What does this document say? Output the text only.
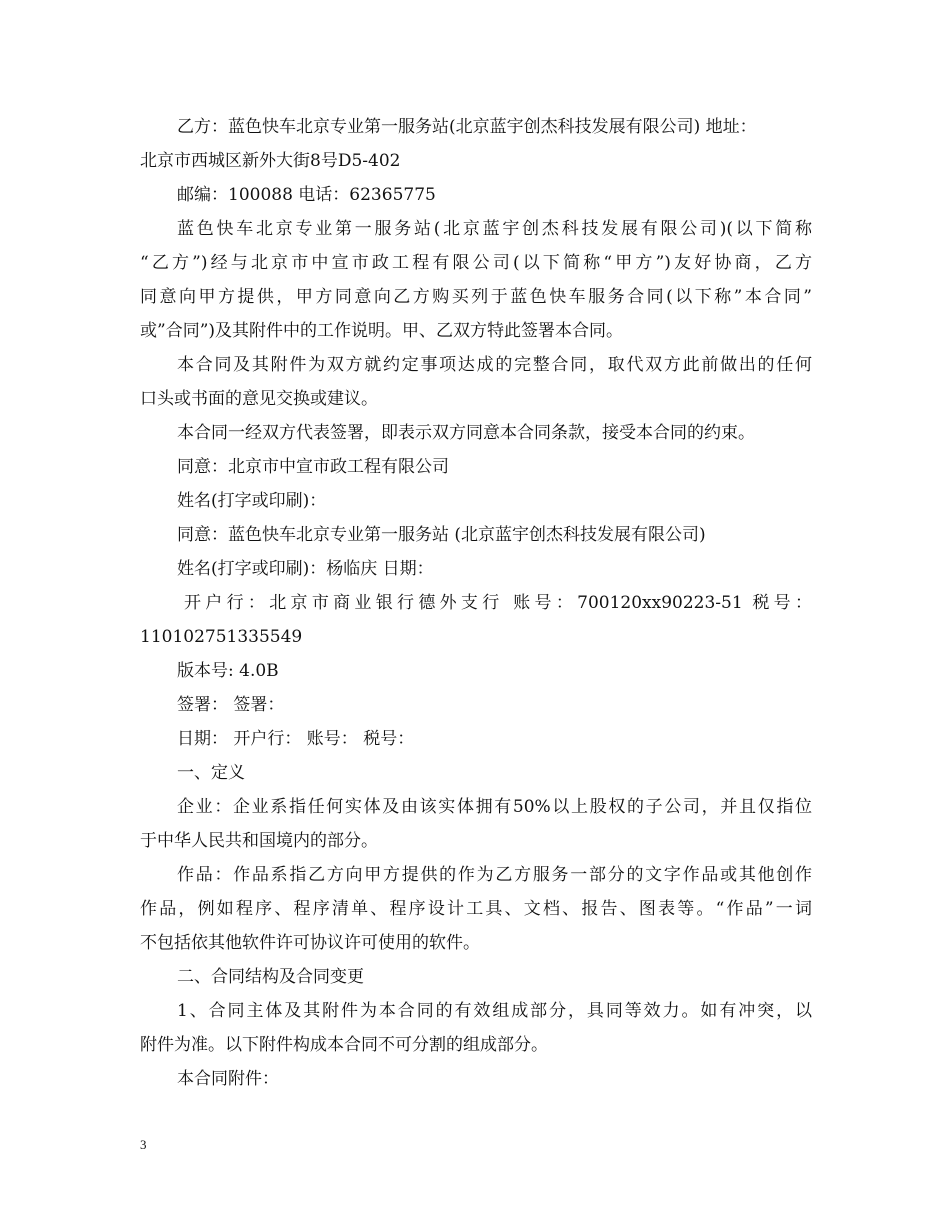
乙方：蓝色快车北京专业第一服务站(北京蓝宇创杰科技发展有限公司) 地址：
北京市西城区新外大街8号D5-402
邮编：100088 电话：62365775
蓝色快车北京专业第一服务站(北京蓝宇创杰科技发展有限公司)(以下简称
“乙方”)经与北京市中宣市政工程有限公司(以下简称“甲方”)友好协商，乙方
同意向甲方提供，甲方同意向乙方购买列于蓝色快车服务合同(以下称”本合同”
或”合同”)及其附件中的工作说明。甲、乙双方特此签署本合同。
本合同及其附件为双方就约定事项达成的完整合同，取代双方此前做出的任何
口头或书面的意见交换或建议。
本合同一经双方代表签署，即表示双方同意本合同条款，接受本合同的约束。
同意：北京市中宣市政工程有限公司
姓名(打字或印刷)：
同意：蓝色快车北京专业第一服务站 (北京蓝宇创杰科技发展有限公司)
姓名(打字或印刷)：杨临庆 日期：
开户行：北京市商业银行德外支行 账号：700120xx90223-51 税号：
110102751335549
版本号: 4.0B
签署： 签署：
日期： 开户行： 账号： 税号：
一、定义
企业：企业系指任何实体及由该实体拥有50%以上股权的子公司，并且仅指位
于中华人民共和国境内的部分。
作品：作品系指乙方向甲方提供的作为乙方服务一部分的文字作品或其他创作
作品，例如程序、程序清单、程序设计工具、文档、报告、图表等。“作品”一词
不包括依其他软件许可协议许可使用的软件。
二、合同结构及合同变更
1、合同主体及其附件为本合同的有效组成部分，具同等效力。如有冲突，以
附件为准。以下附件构成本合同不可分割的组成部分。
本合同附件：
3
